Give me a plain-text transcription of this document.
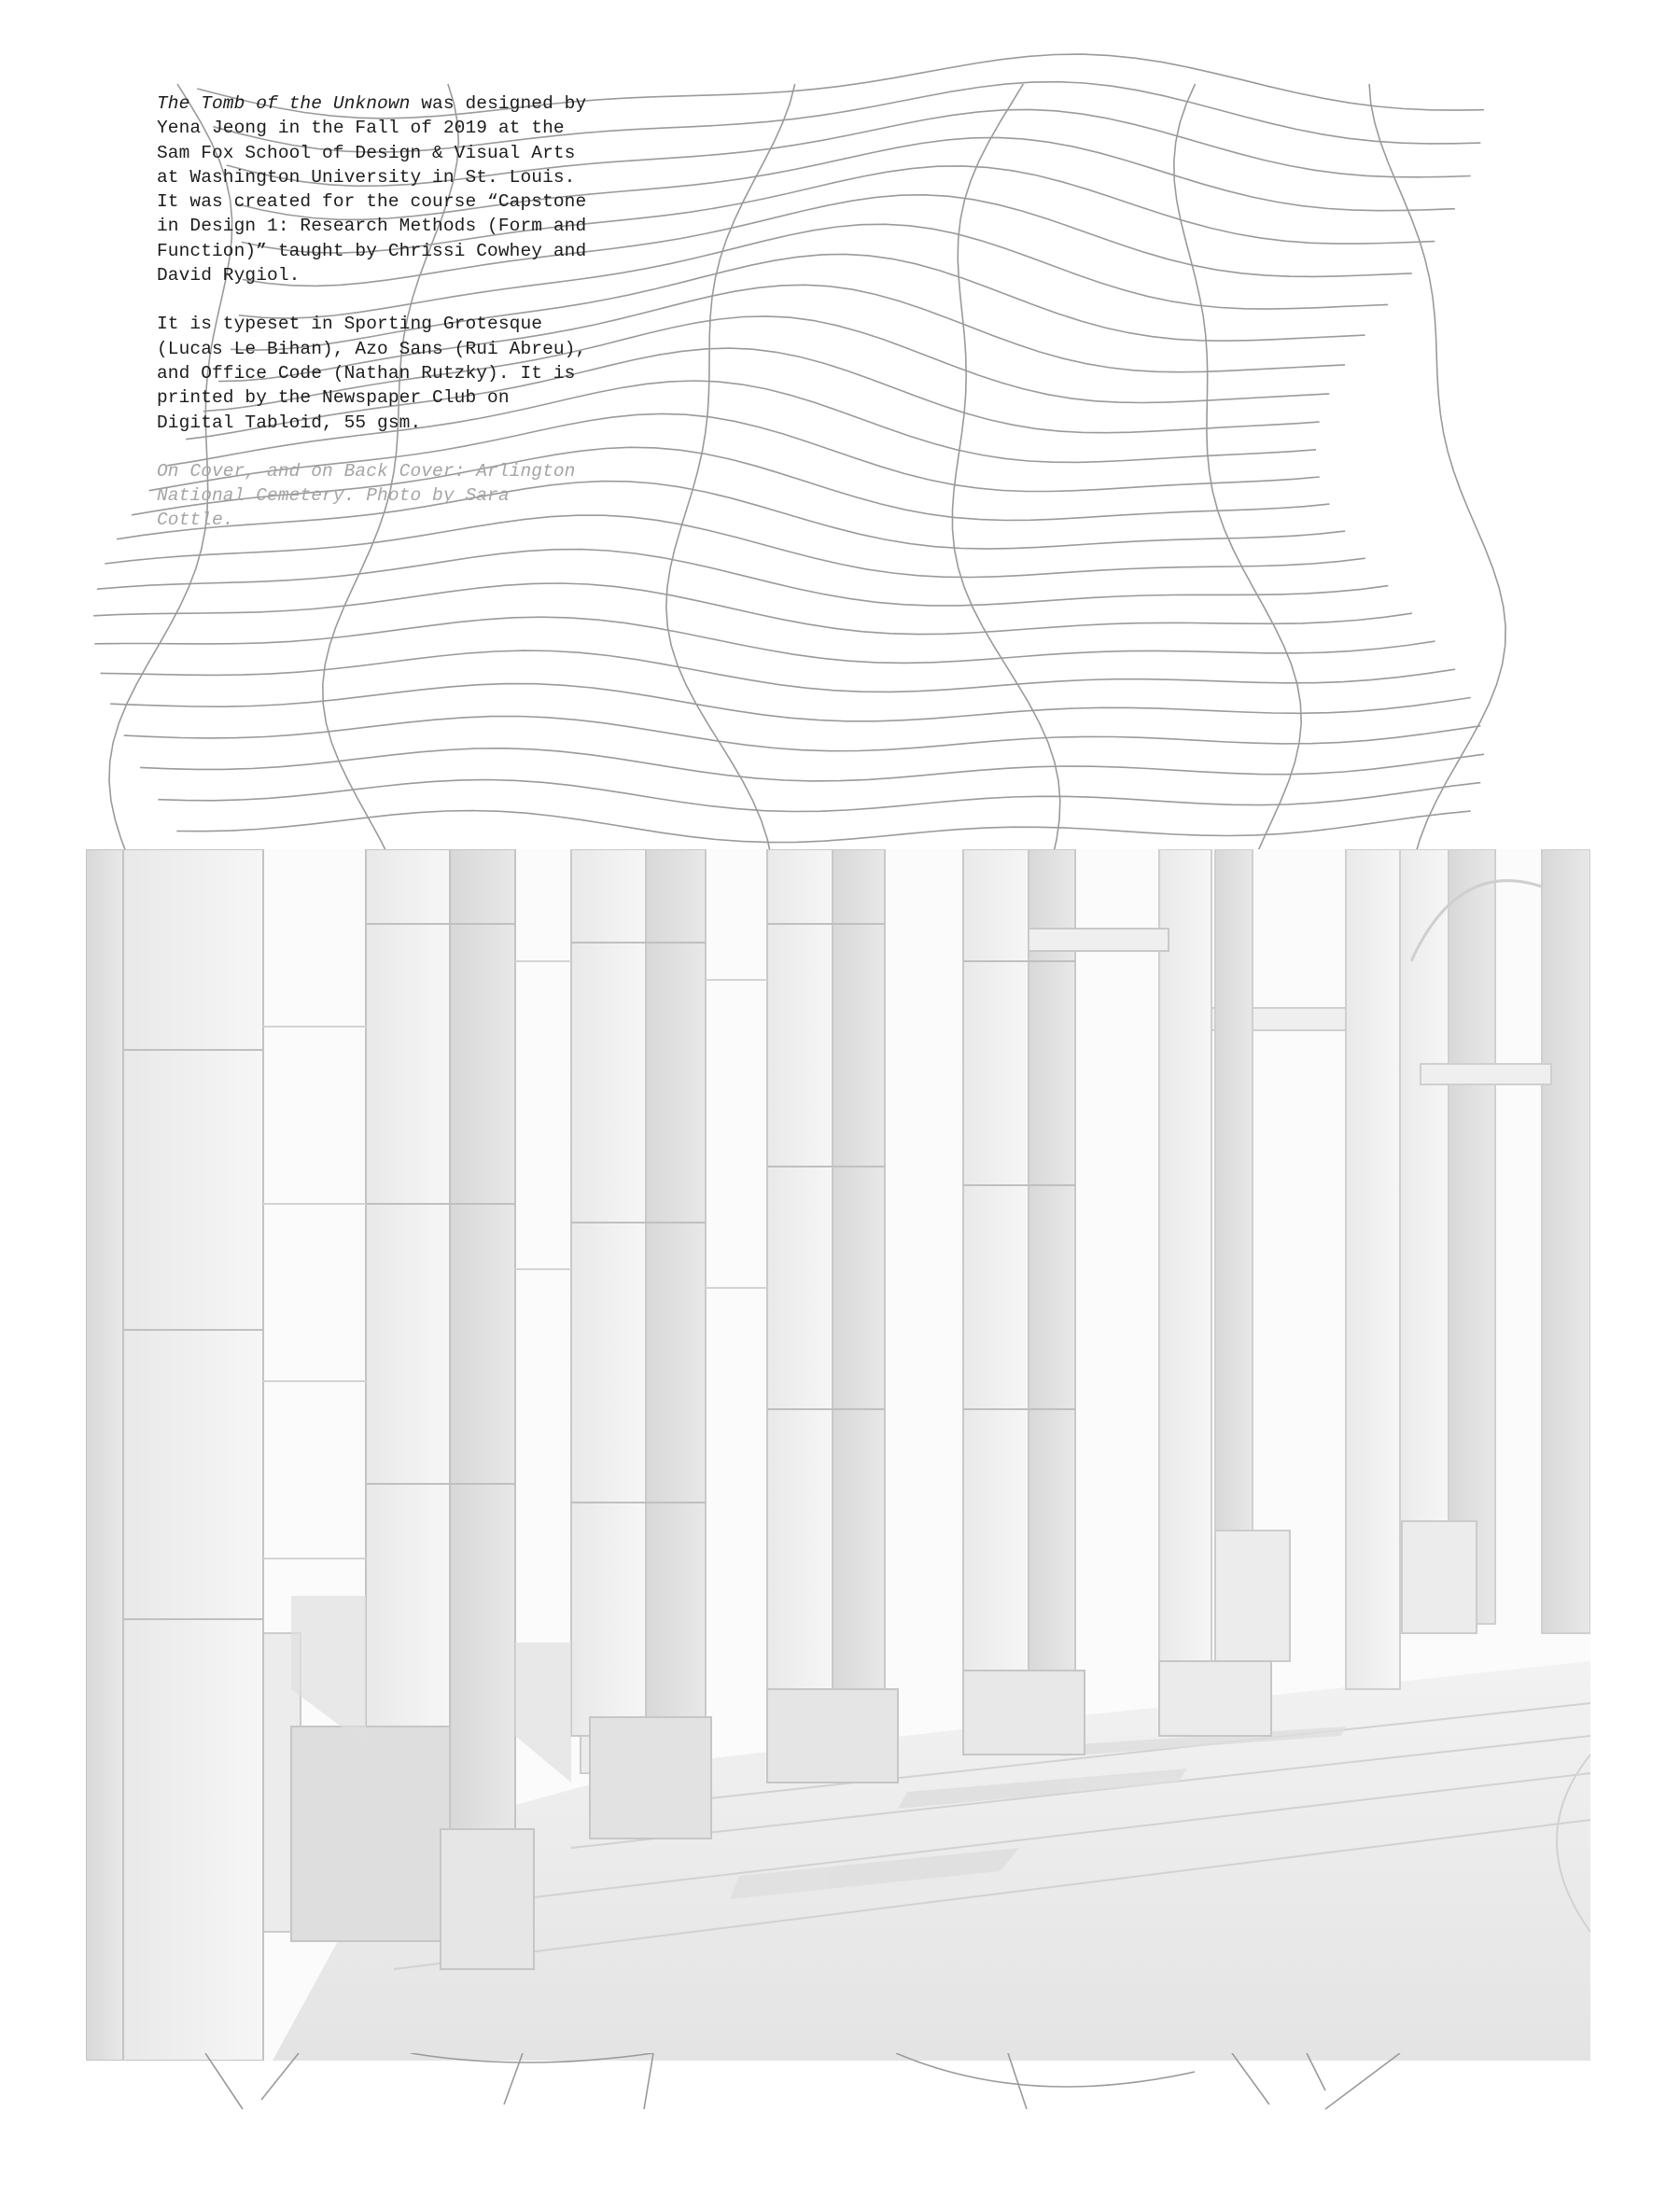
The Tomb of the Unknown was designed by Yena Jeong in the Fall of 2019 at the Sam Fox School of Design & Visual Arts at Washington University in St. Louis. It was created for the course “Capstone in Design 1: Research Methods (Form and Function)” taught by Chrissi Cowhey and David Rygiol.

It is typeset in Sporting Grotesque (Lucas Le Bihan), Azo Sans (Rui Abreu), and Office Code (Nathan Rutzky). It is printed by the Newspaper Club on Digital Tabloid, 55 gsm.

On Cover, and on Back Cover: Arlington National Cemetery. Photo by Sara Cottle.
